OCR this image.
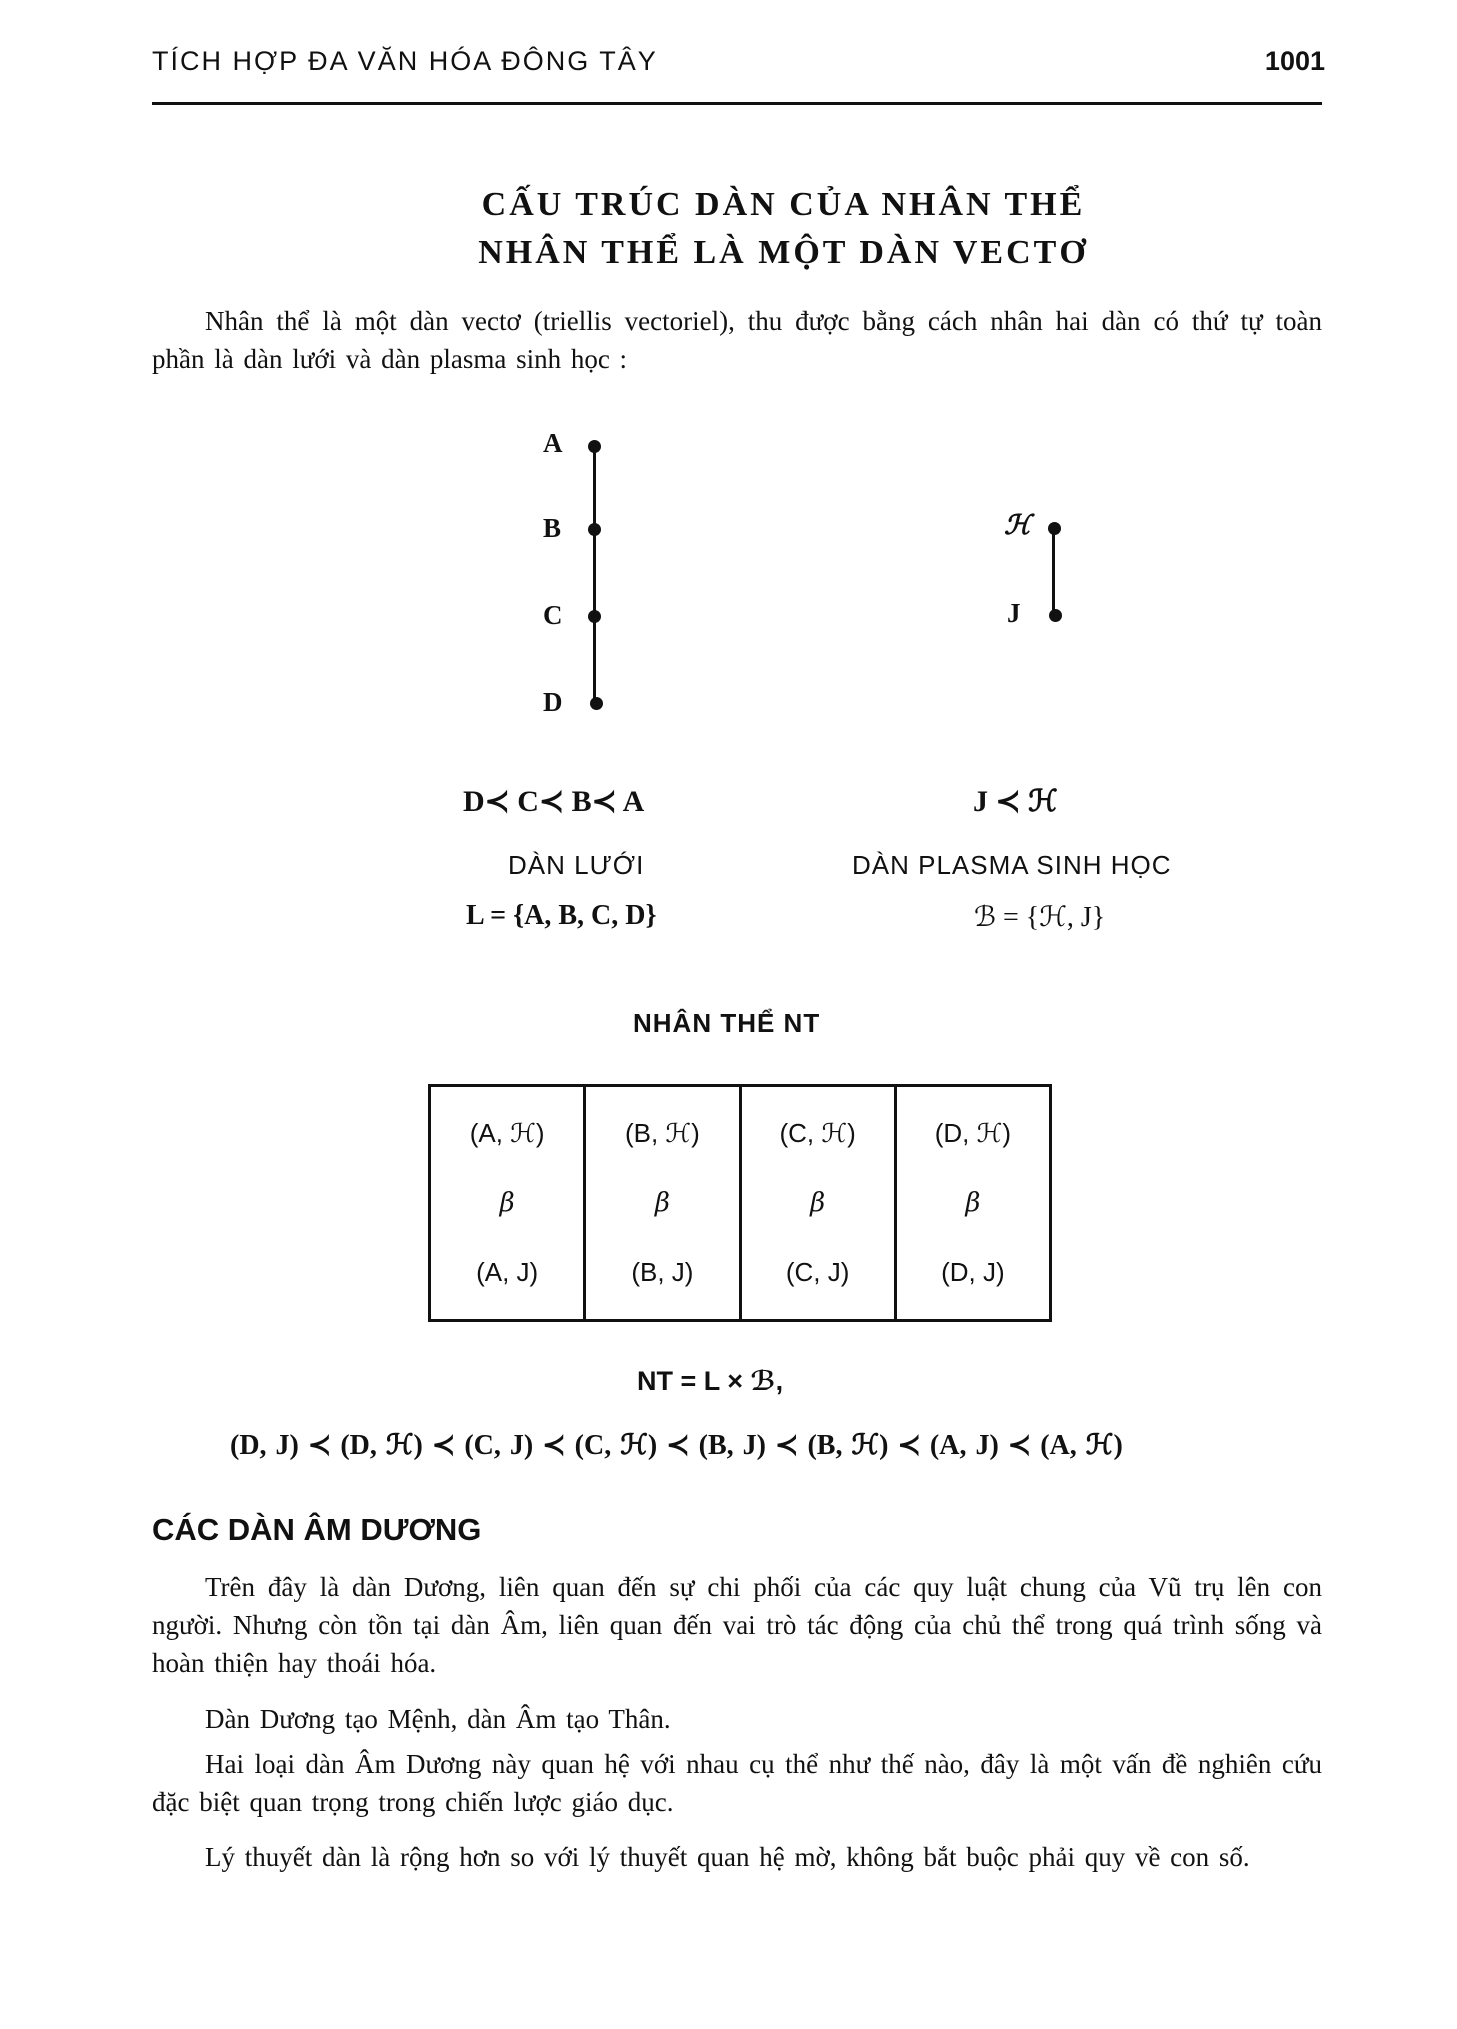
TÍCH HỢP ĐA VĂN HÓA ĐÔNG TÂY	1001
CẤU TRÚC DÀN CỦA NHÂN THỂ
NHÂN THỂ LÀ MỘT DÀN VECTƠ
Nhân thể là một dàn vectơ (triellis vectoriel), thu được bằng cách nhân hai dàn có thứ tự toàn phần là dàn lưới và dàn plasma sinh học :
A
B
C
D
ℋ
J
D≺ C≺ B≺ A	J ≺ ℋ
DÀN LƯỚI	DÀN PLASMA SINH HỌC
L = {A, B, C, D}	ℬ = {ℋ, J}
NHÂN THỂ NT
(A, ℋ)
β
(A, J)
(B, ℋ)
β
(B, J)
(C, ℋ)
β
(C, J)
(D, ℋ)
β
(D, J)
NT = L × ℬ,
(D, J) ≺ (D, ℋ) ≺ (C, J) ≺ (C, ℋ) ≺ (B, J) ≺ (B, ℋ) ≺ (A, J) ≺ (A, ℋ)
CÁC DÀN ÂM DƯƠNG
Trên đây là dàn Dương, liên quan đến sự chi phối của các quy luật chung của Vũ trụ lên con người. Nhưng còn tồn tại dàn Âm, liên quan đến vai trò tác động của chủ thể trong quá trình sống và hoàn thiện hay thoái hóa.
Dàn Dương tạo Mệnh, dàn Âm tạo Thân.
Hai loại dàn Âm Dương này quan hệ với nhau cụ thể như thế nào, đây là một vấn đề nghiên cứu đặc biệt quan trọng trong chiến lược giáo dục.
Lý thuyết dàn là rộng hơn so với lý thuyết quan hệ mờ, không bắt buộc phải quy về con số.
